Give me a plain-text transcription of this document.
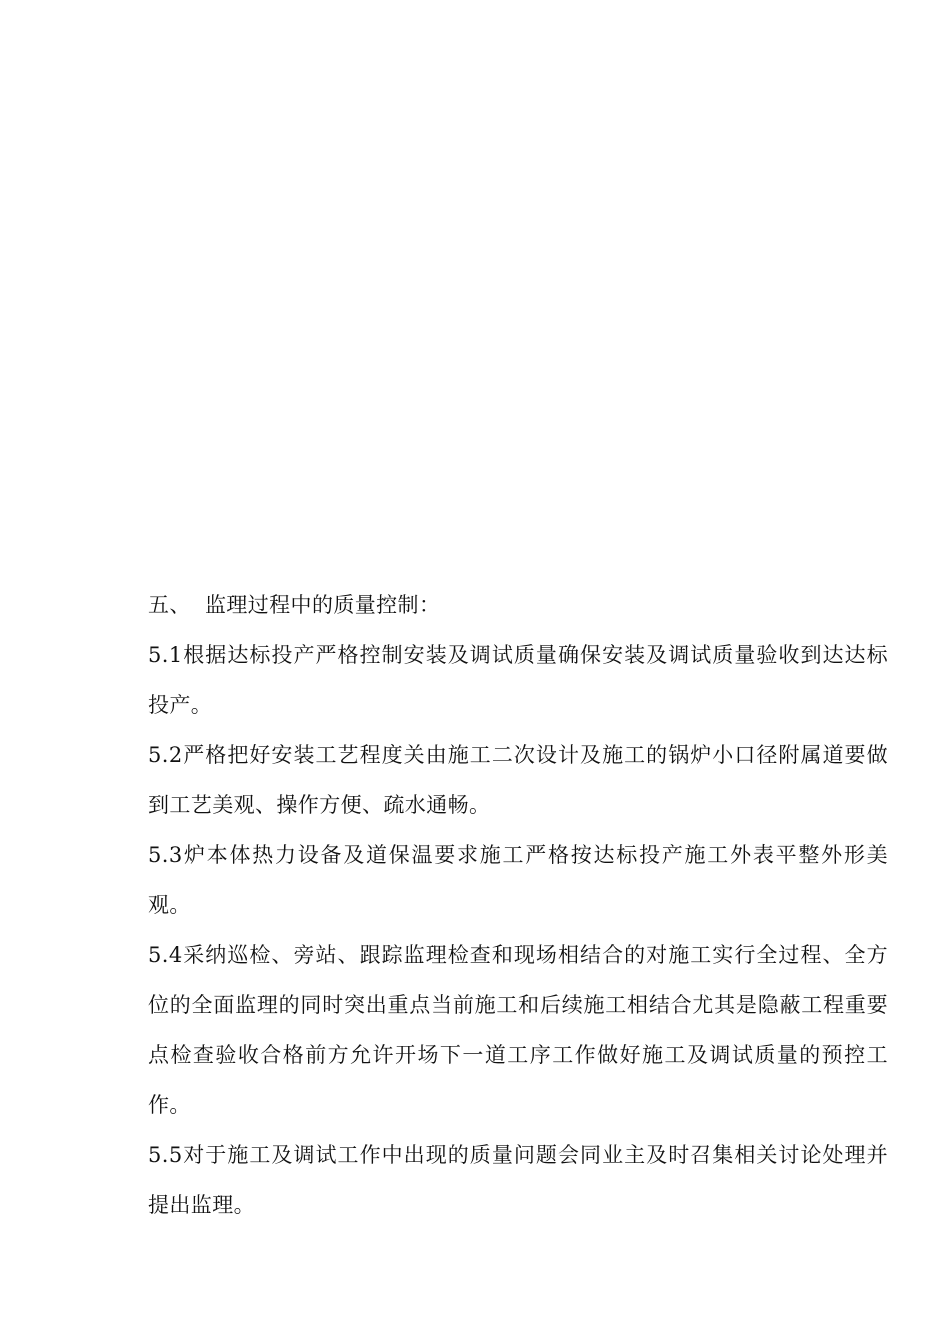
五、  监理过程中的质量控制：

5.1根据达标投产严格控制安装及调试质量确保安装及调试质量验收到达达标投产。

5.2严格把好安装工艺程度关由施工二次设计及施工的锅炉小口径附属道要做到工艺美观、操作方便、疏水通畅。

5.3炉本体热力设备及道保温要求施工严格按达标投产施工外表平整外形美观。

5.4采纳巡检、旁站、跟踪监理检查和现场相结合的对施工实行全过程、全方位的全面监理的同时突出重点当前施工和后续施工相结合尤其是隐蔽工程重要点检查验收合格前方允许开场下一道工序工作做好施工及调试质量的预控工作。

5.5对于施工及调试工作中出现的质量问题会同业主及时召集相关讨论处理并提出监理。
